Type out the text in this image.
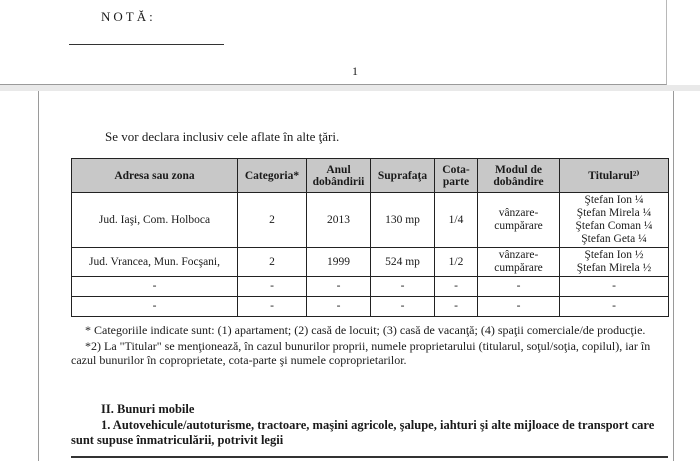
NOTĂ:
1
Se vor declara inclusiv cele aflate în alte ţări.
Adresa sau zona	Categoria*	Anul dobândirii	Suprafaţa	Cota-parte	Modul de dobândire	Titularul²⁾
Jud. Iaşi, Com. Holboca	2	2013	130 mp	1/4	vânzare-cumpărare	Ştefan Ion ¼
Ştefan Mirela ¼
Ştefan Coman ¼
Ştefan Geta ¼

Jud. Vrancea, Mun. Focşani,	2	1999	524 mp	1/2	vânzare-cumpărare	Ştefan Ion ½
Ştefan Mirela ½

-	-	-	-	-	-	-
-	-	-	-	-	-	-

* Categoriile indicate sunt: (1) apartament; (2) casă de locuit; (3) casă de vacanţă; (4) spaţii comerciale/de producţie.

*2) La "Titular" se menţionează, în cazul bunurilor proprii, numele proprietarului (titularul, soţul/soţia, copilul), iar în cazul bunurilor în coproprietate, cota-parte şi numele coproprietarilor.

II. Bunuri mobile
1. Autovehicule/autoturisme, tractoare, maşini agricole, şalupe, iahturi şi alte mijloace de transport care sunt supuse înmatriculării, potrivit legii
